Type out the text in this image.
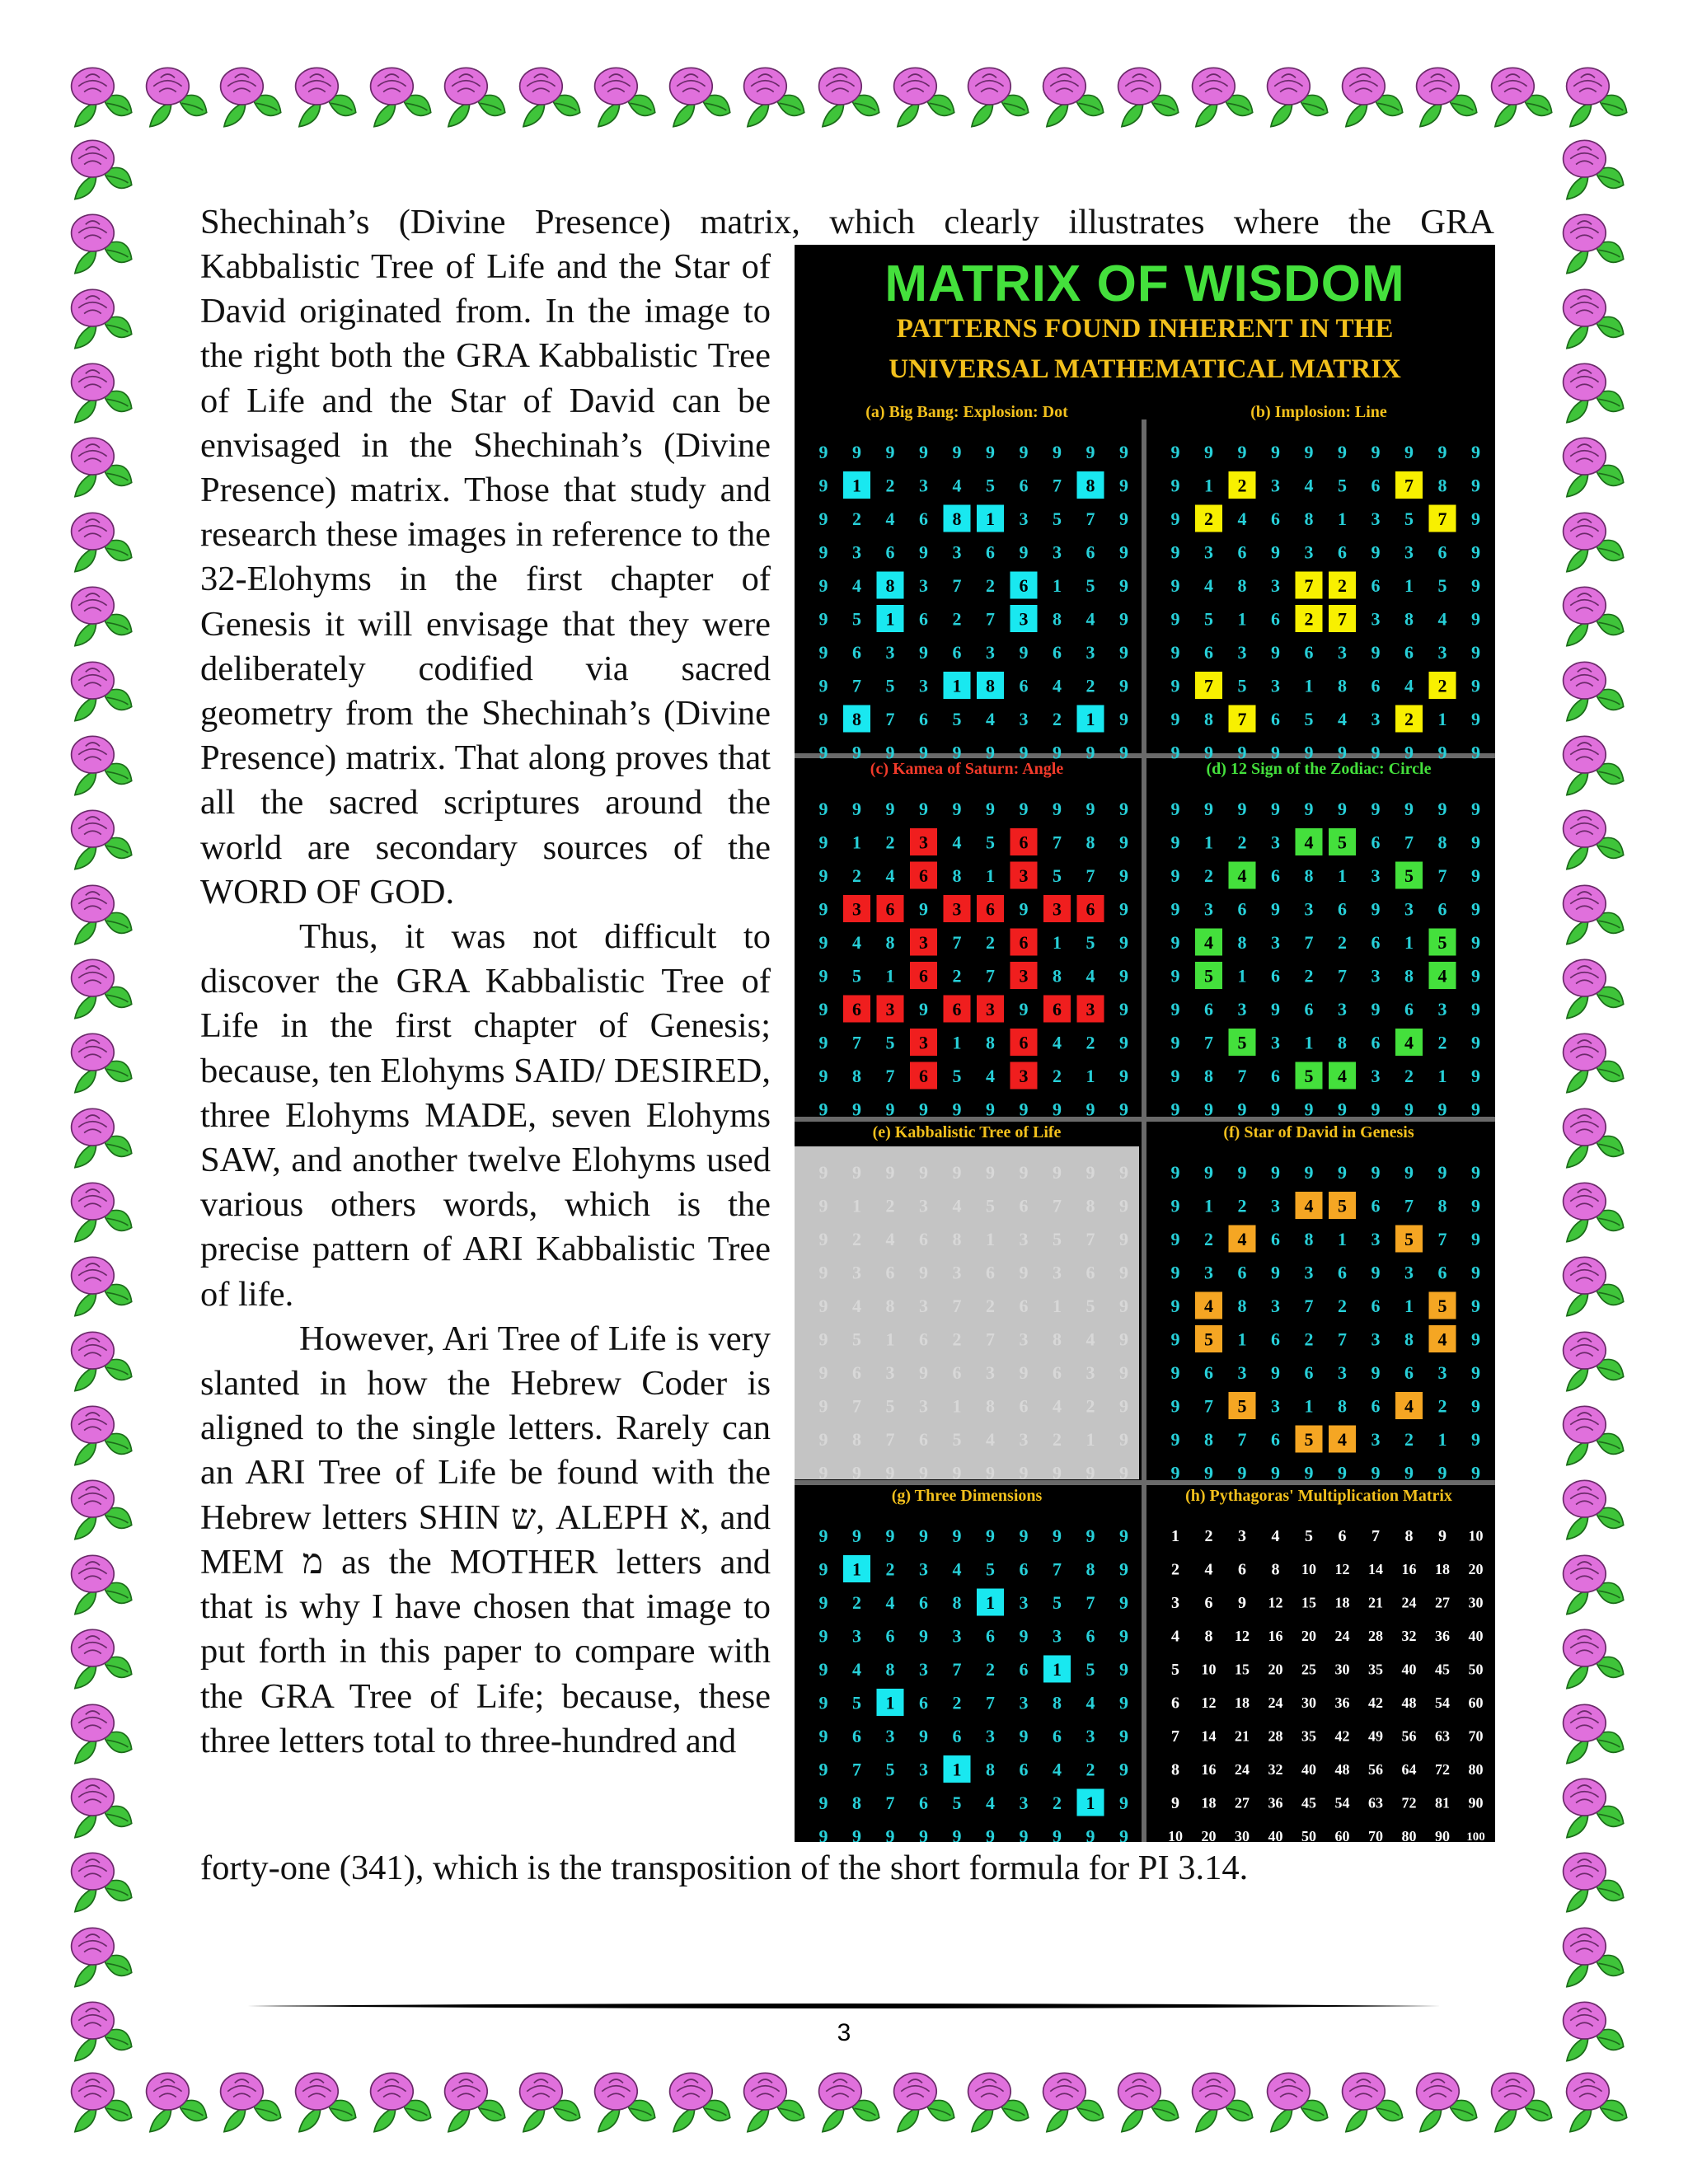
Shechinah’s (Divine Presence) matrix, which clearly illustrates where the GRA

Kabbalistic Tree of Life and the Star of David originated from. In the image to the right both the GRA Kabbalistic Tree of Life and the Star of David can be envisaged in the Shechinah’s (Divine Presence) matrix. Those that study and research these images in reference to the 32-Elohyms in the first chapter of Genesis it will envisage that they were deliberately codified via sacred geometry from the Shechinah’s (Divine Presence) matrix. That along proves that all the sacred scriptures around the world are secondary sources of the WORD OF GOD.

Thus, it was not difficult to discover the GRA Kabbalistic Tree of Life in the first chapter of Genesis; because, ten Elohyms SAID/ DESIRED, three Elohyms MADE, seven Elohyms SAW, and another twelve Elohyms used various others words, which is the precise pattern of ARI Kabbalistic Tree of life.

However, Ari Tree of Life is very slanted in how the Hebrew Coder is aligned to the single letters. Rarely can an ARI Tree of Life be found with the Hebrew letters SHIN ש, ALEPH א, and MEM מ as the MOTHER letters and that is why I have chosen that image to put forth in this paper to compare with the GRA Tree of Life; because, these three letters total to three-hundred and

forty-one (341), which is the transposition of the short formula for PI 3.14.

MATRIX OF WISDOM
PATTERNS FOUND INHERENT IN THE
UNIVERSAL MATHEMATICAL MATRIX
9 9 9 9 9 9 9 9 9 9
9 1 2 3 4 5 6 7 8 9
9 2 4 6 8 1 3 5 7 9
9 3 6 9 3 6 9 3 6 9
9 4 8 3 7 2 6 1 5 9
9 5 1 6 2 7 3 8 4 9
9 6 3 9 6 3 9 6 3 9
9 7 5 3 1 8 6 4 2 9
9 8 7 6 5 4 3 2 1 9
9 9 9 9 9 9 9 9 9 9
(a) Big Bang: Explosion: Dot
9 9 9 9 9 9 9 9 9 9
9 1 2 3 4 5 6 7 8 9
9 2 4 6 8 1 3 5 7 9
9 3 6 9 3 6 9 3 6 9
9 4 8 3 7 2 6 1 5 9
9 5 1 6 2 7 3 8 4 9
9 6 3 9 6 3 9 6 3 9
9 7 5 3 1 8 6 4 2 9
9 8 7 6 5 4 3 2 1 9
9 9 9 9 9 9 9 9 9 9
(b) Implosion: Line
9 9 9 9 9 9 9 9 9 9
9 1 2 3 4 5 6 7 8 9
9 2 4 6 8 1 3 5 7 9
9 3 6 9 3 6 9 3 6 9
9 4 8 3 7 2 6 1 5 9
9 5 1 6 2 7 3 8 4 9
9 6 3 9 6 3 9 6 3 9
9 7 5 3 1 8 6 4 2 9
9 8 7 6 5 4 3 2 1 9
9 9 9 9 9 9 9 9 9 9
(c) Kamea of Saturn: Angle
9 9 9 9 9 9 9 9 9 9
9 1 2 3 4 5 6 7 8 9
9 2 4 6 8 1 3 5 7 9
9 3 6 9 3 6 9 3 6 9
9 4 8 3 7 2 6 1 5 9
9 5 1 6 2 7 3 8 4 9
9 6 3 9 6 3 9 6 3 9
9 7 5 3 1 8 6 4 2 9
9 8 7 6 5 4 3 2 1 9
9 9 9 9 9 9 9 9 9 9
(d) 12 Sign of the Zodiac: Circle
9 9 9 9 9 9 9 9 9 9
9 1 2 3 4 5 6 7 8 9
9 2 4 6 8 1 3 5 7 9
9 3 6 9 3 6 9 3 6 9
9 4 8 3 7 2 6 1 5 9
9 5 1 6 2 7 3 8 4 9
9 6 3 9 6 3 9 6 3 9
9 7 5 3 1 8 6 4 2 9
9 8 7 6 5 4 3 2 1 9
9 9 9 9 9 9 9 9 9 9
(e) Kabbalistic Tree of Life
9 9 9 9 9 9 9 9 9 9
9 1 2 3 4 5 6 7 8 9
9 2 4 6 8 1 3 5 7 9
9 3 6 9 3 6 9 3 6 9
9 4 8 3 7 2 6 1 5 9
9 5 1 6 2 7 3 8 4 9
9 6 3 9 6 3 9 6 3 9
9 7 5 3 1 8 6 4 2 9
9 8 7 6 5 4 3 2 1 9
9 9 9 9 9 9 9 9 9 9
(f) Star of David in Genesis
9 9 9 9 9 9 9 9 9 9
9 1 2 3 4 5 6 7 8 9
9 2 4 6 8 1 3 5 7 9
9 3 6 9 3 6 9 3 6 9
9 4 8 3 7 2 6 1 5 9
9 5 1 6 2 7 3 8 4 9
9 6 3 9 6 3 9 6 3 9
9 7 5 3 1 8 6 4 2 9
9 8 7 6 5 4 3 2 1 9
9 9 9 9 9 9 9 9 9 9
(g) Three Dimensions
1 2 3 4 5 6 7 8 9 10
2 4 6 8 10 12 14 16 18 20
3 6 9 12 15 18 21 24 27 30
4 8 12 16 20 24 28 32 36 40
5 10 15 20 25 30 35 40 45 50
6 12 18 24 30 36 42 48 54 60
7 14 21 28 35 42 49 56 63 70
8 16 24 32 40 48 56 64 72 80
9 18 27 36 45 54 63 72 81 90
10 20 30 40 50 60 70 80 90 100
(h) Pythagoras' Multiplication Matrix
3
